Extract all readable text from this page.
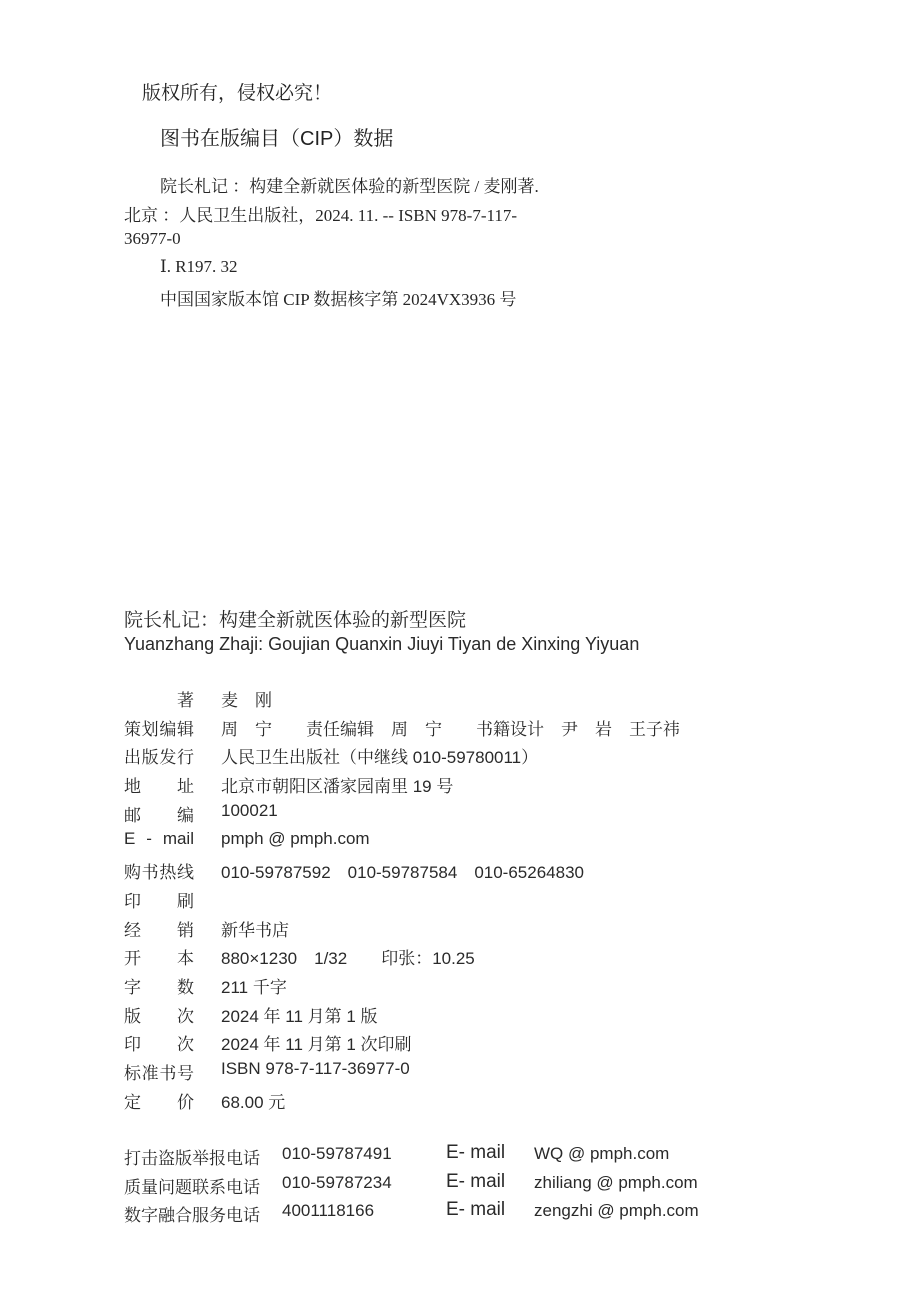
版权所有，侵权必究！
图书在版编目（CIP）数据
院长札记 ：构建全新就医体验的新型医院 / 麦刚著.
北京 ：人民卫生出版社，2024. 11. -- ISBN 978-7-117-
36977-0
Ⅰ. R197. 32
中国国家版本馆 CIP 数据核字第 2024VX3936 号
院长札记：构建全新就医体验的新型医院
Yuanzhang Zhaji: Goujian Quanxin Jiuyi Tiyan de Xinxing Yiyuan
著 麦　刚
策划编辑 周　宁　　责任编辑　周　宁　　书籍设计　尹　岩　王子祎
出版发行 人民卫生出版社（中继线 010-59780011）
地　址 北京市朝阳区潘家园南里 19 号
邮　编 100021
E - mail pmph @ pmph.com
购书热线 010-59787592　010-59787584　010-65264830
印　刷
经　销 新华书店
开　本 880×1230　1/32　　印张：10.25
字　数 211 千字
版　次 2024 年 11 月第 1 版
印　次 2024 年 11 月第 1 次印刷
标准书号 ISBN 978-7-117-36977-0
定　价 68.00 元
打击盗版举报电话 010-59787491	E- mail WQ @ pmph.com
质量问题联系电话 010-59787234	E- mail zhiliang @ pmph.com
数字融合服务电话 4001118166	E- mail zengzhi @ pmph.com
